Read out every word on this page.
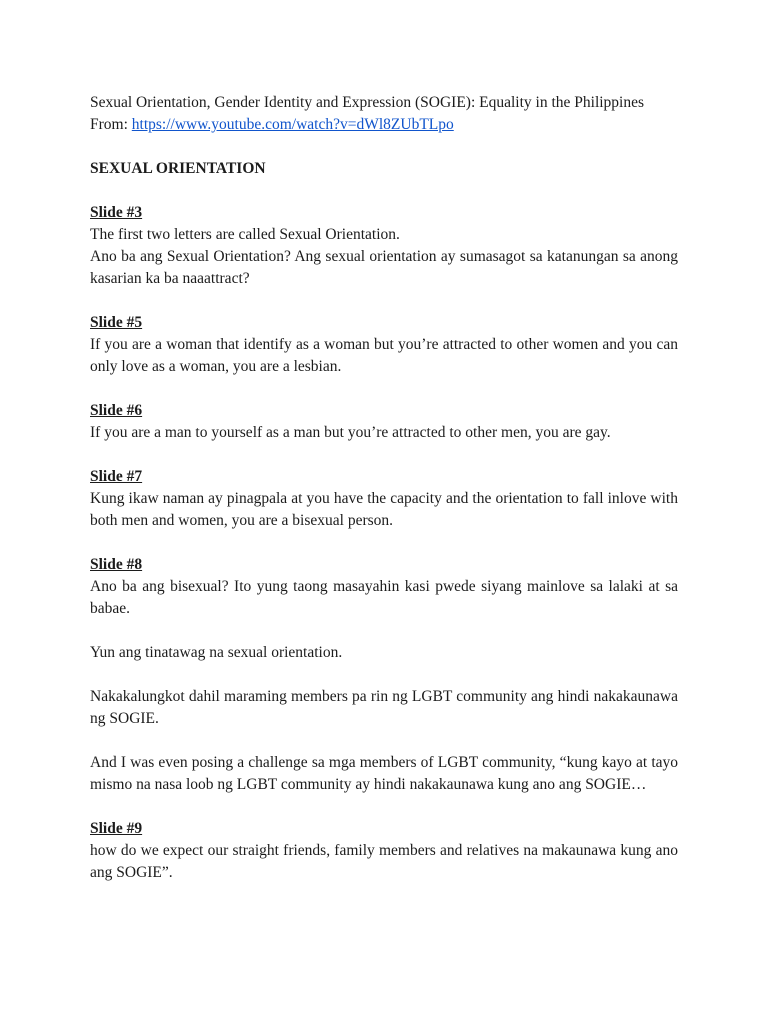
Sexual Orientation, Gender Identity and Expression (SOGIE): Equality in the Philippines

From: https://www.youtube.com/watch?v=dWl8ZUbTLpo

SEXUAL ORIENTATION

Slide #3

The first two letters are called Sexual Orientation.

Ano ba ang Sexual Orientation? Ang sexual orientation ay sumasagot sa katanungan sa anong kasarian ka ba naaattract?

Slide #5

If you are a woman that identify as a woman but you’re attracted to other women and you can only love as a woman, you are a lesbian.

Slide #6

If you are a man to yourself as a man but you’re attracted to other men, you are gay.

Slide #7

Kung ikaw naman ay pinagpala at you have the capacity and the orientation to fall inlove with both men and women, you are a bisexual person.

Slide #8

Ano ba ang bisexual? Ito yung taong masayahin kasi pwede siyang mainlove sa lalaki at sa babae.

Yun ang tinatawag na sexual orientation.

Nakakalungkot dahil maraming members pa rin ng LGBT community ang hindi nakakaunawa ng SOGIE.

And I was even posing a challenge sa mga members of LGBT community, “kung kayo at tayo mismo na nasa loob ng LGBT community ay hindi nakakaunawa kung ano ang SOGIE…

Slide #9

how do we expect our straight friends, family members and relatives na makaunawa kung ano ang SOGIE”.
